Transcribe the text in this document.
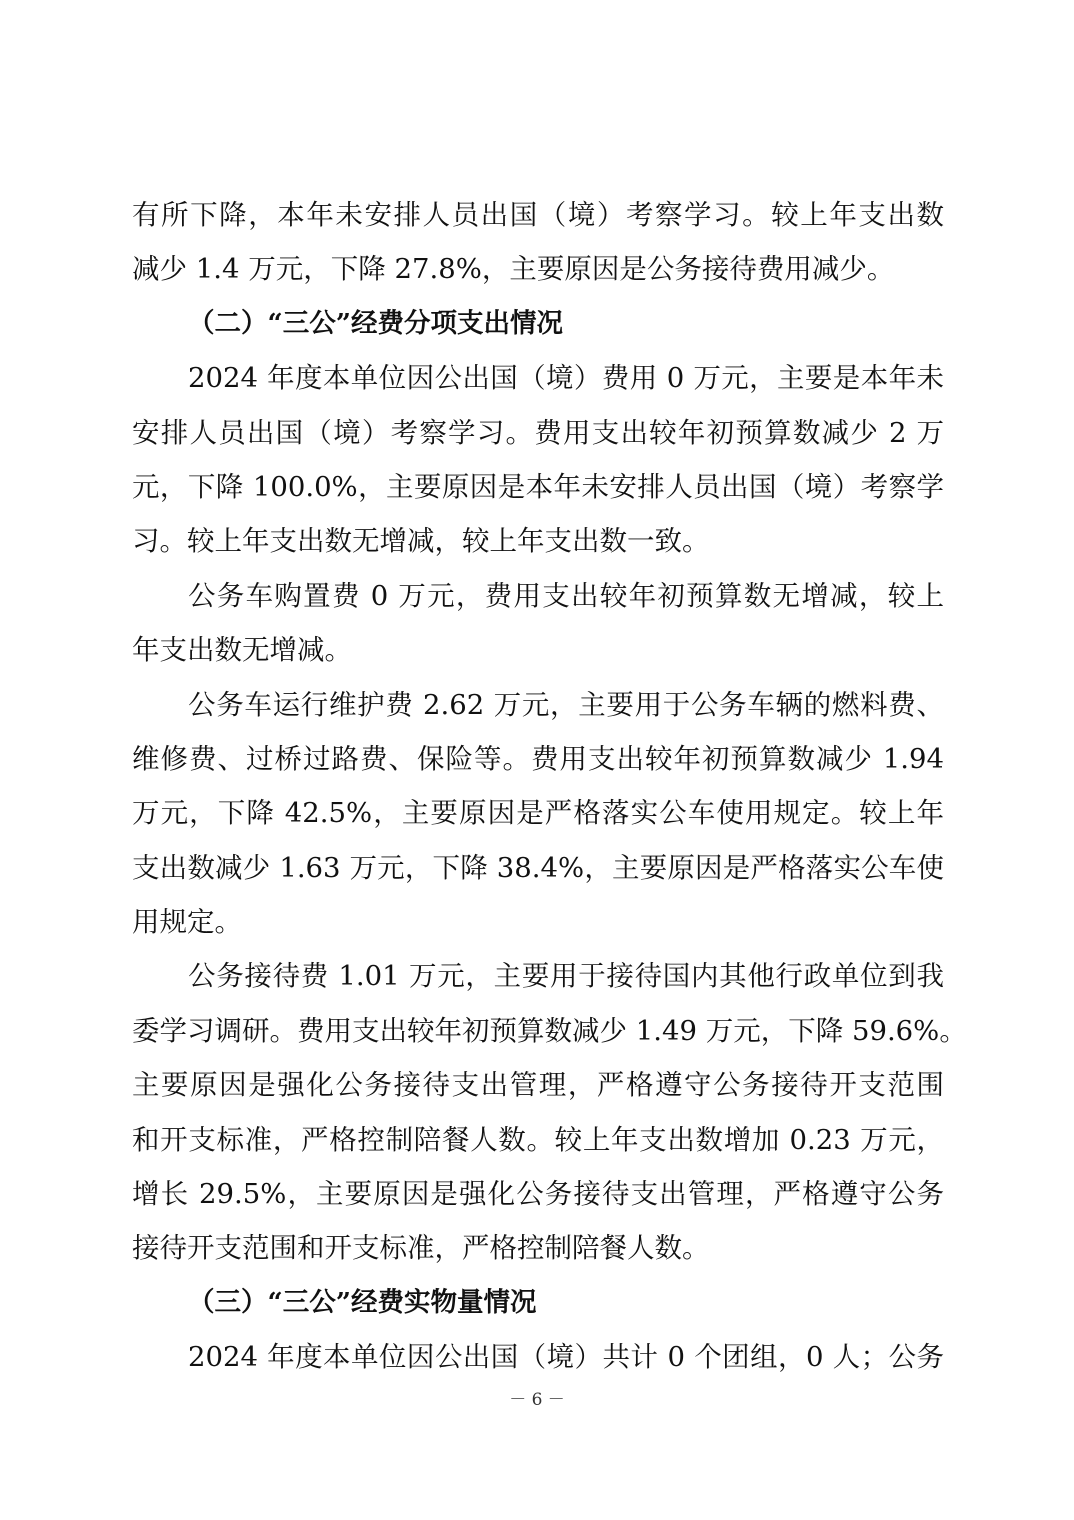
有所下降，本年未安排人员出国（境）考察学习。较上年支出数
减少 1.4 万元，下降 27.8%，主要原因是公务接待费用减少。
（二）“三公”经费分项支出情况
2024 年度本单位因公出国（境）费用 0 万元，主要是本年未
安排人员出国（境）考察学习。费用支出较年初预算数减少 2 万
元，下降 100.0%，主要原因是本年未安排人员出国（境）考察学
习。较上年支出数无增减，较上年支出数一致。
公务车购置费 0 万元，费用支出较年初预算数无增减，较上
年支出数无增减。
公务车运行维护费 2.62 万元，主要用于公务车辆的燃料费、
维修费、过桥过路费、保险等。费用支出较年初预算数减少 1.94
万元，下降 42.5%，主要原因是严格落实公车使用规定。较上年
支出数减少 1.63 万元，下降 38.4%，主要原因是严格落实公车使
用规定。
公务接待费 1.01 万元，主要用于接待国内其他行政单位到我
委学习调研。费用支出较年初预算数减少 1.49 万元，下降 59.6%。
主要原因是强化公务接待支出管理，严格遵守公务接待开支范围
和开支标准，严格控制陪餐人数。较上年支出数增加 0.23 万元，
增长 29.5%，主要原因是强化公务接待支出管理，严格遵守公务
接待开支范围和开支标准，严格控制陪餐人数。
（三）“三公”经费实物量情况
2024 年度本单位因公出国（境）共计 0 个团组，0 人；公务
－ 6 －
